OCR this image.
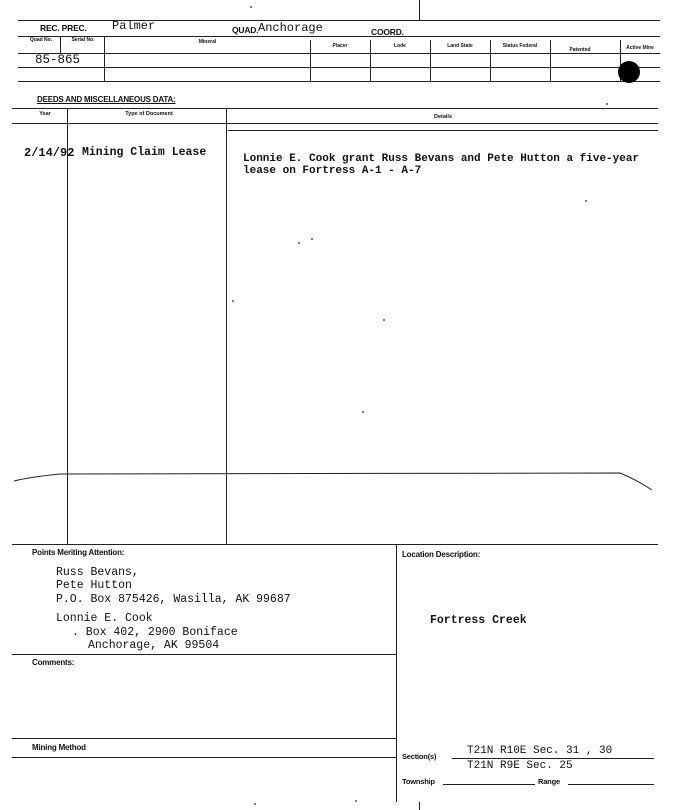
REC. PREC. Palmer	QUAD. Anchorage	COORD.
Quad No.	Serial No.	Mineral
Placer	Lode	Land State	Status Federal
Patented	Active Mine
85-865
DEEDS AND MISCELLANEOUS DATA:
Year	Type of Document	Details
2/14/92 Mining Claim Lease	Lonnie E. Cook grant Russ Bevans and Pete Hutton a five-year
lease on Fortress A-1 - A-7
Points Meriting Attention:	Location Description:
Russ Bevans,
Pete Hutton
P.O. Box 875426, Wasilla, AK 99687
Lonnie E. Cook
. Box 402, 2900 Boniface
Anchorage, AK 99504
Fortress Creek
Comments:
Mining Method
Section(s)	T21N R10E Sec. 31 , 30
T21N R9E Sec. 25
Township	Range
